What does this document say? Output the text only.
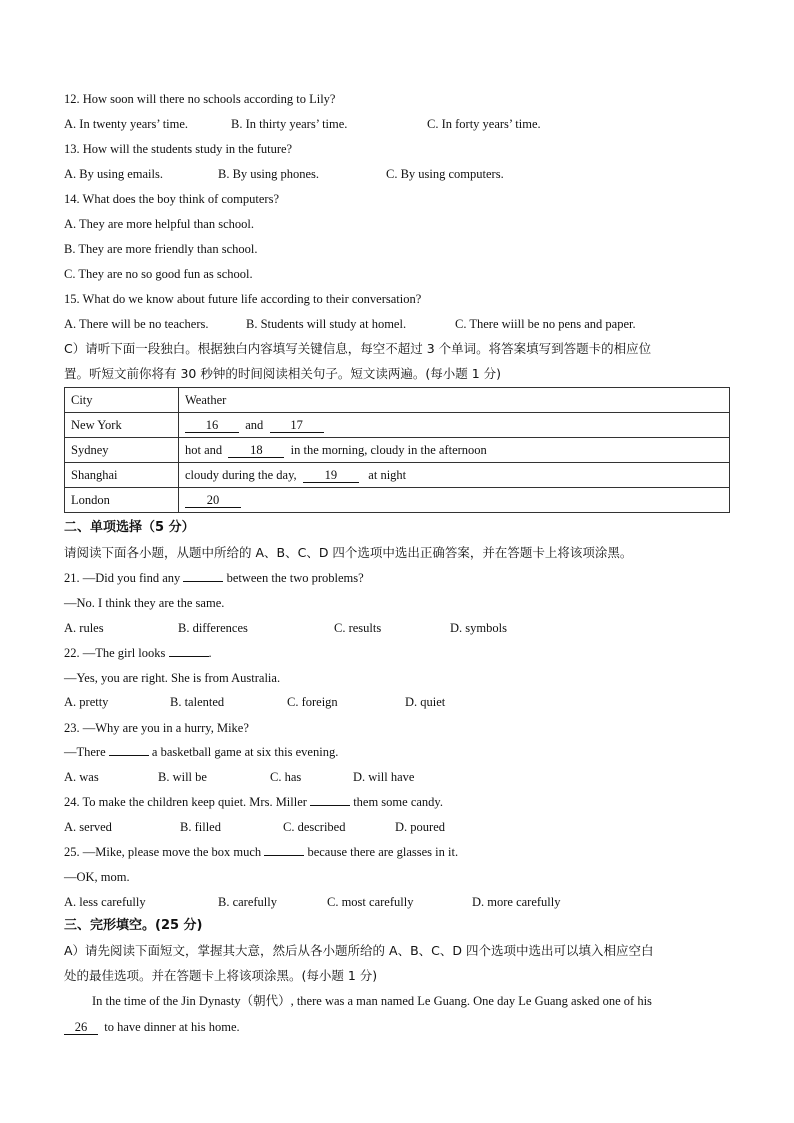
12. How soon will there no schools according to Lily?
A. In twenty years’ time.	B. In thirty years’ time.	C. In forty years’ time.
13. How will the students study in the future?
A. By using emails.	B. By using phones.	C. By using computers.
14. What does the boy think of computers?
A. They are more helpful than school.
B. They are more friendly than school.
C. They are no so good fun as school.
15. What do we know about future life according to their conversation?
A. There will be no teachers.	B. Students will study at homel.	C. There wiill be no pens and paper.
C）请听下面一段独白。根据独白内容填写关键信息，每空不超过 3 个单词。将答案填写到答题卡的相应位
置。听短文前你将有 30 秒钟的时间阅读相关句子。短文读两遍。(每小题 1 分)
City	Weather
New York	16 and 17
Sydney	hot and 18 in the morning, cloudy in the afternoon
Shanghai	cloudy during the day, 19 at night
London	20
二、单项选择（5 分）
请阅读下面各小题，从题中所给的 A、B、C、D 四个选项中选出正确答案，并在答题卡上将该项涂黑。
21. —Did you find any	between the two problems?
—No. I think they are the same.
A. rules	B. differences	C. results	D. symbols
22. —The girl looks	.
—Yes, you are right. She is from Australia.
A. pretty	B. talented	C. foreign	D. quiet
23. —Why are you in a hurry, Mike?
—There	a basketball game at six this evening.
A. was	B. will be	C. has	D. will have
24. To make the children keep quiet. Mrs. Miller	them some candy.
A. served	B. filled	C. described	D. poured
25. —Mike, please move the box much	because there are glasses in it.
—OK, mom.
A. less carefully	B. carefully	C. most carefully	D. more carefully
三、完形填空。(25 分)
A）请先阅读下面短文，掌握其大意，然后从各小题所给的 A、B、C、D 四个选项中选出可以填入相应空白
处的最佳选项。并在答题卡上将该项涂黑。(每小题 1 分)
In the time of the Jin Dynasty（朝代）, there was a man named Le Guang. One day Le Guang asked one of his
26 to have dinner at his home.
